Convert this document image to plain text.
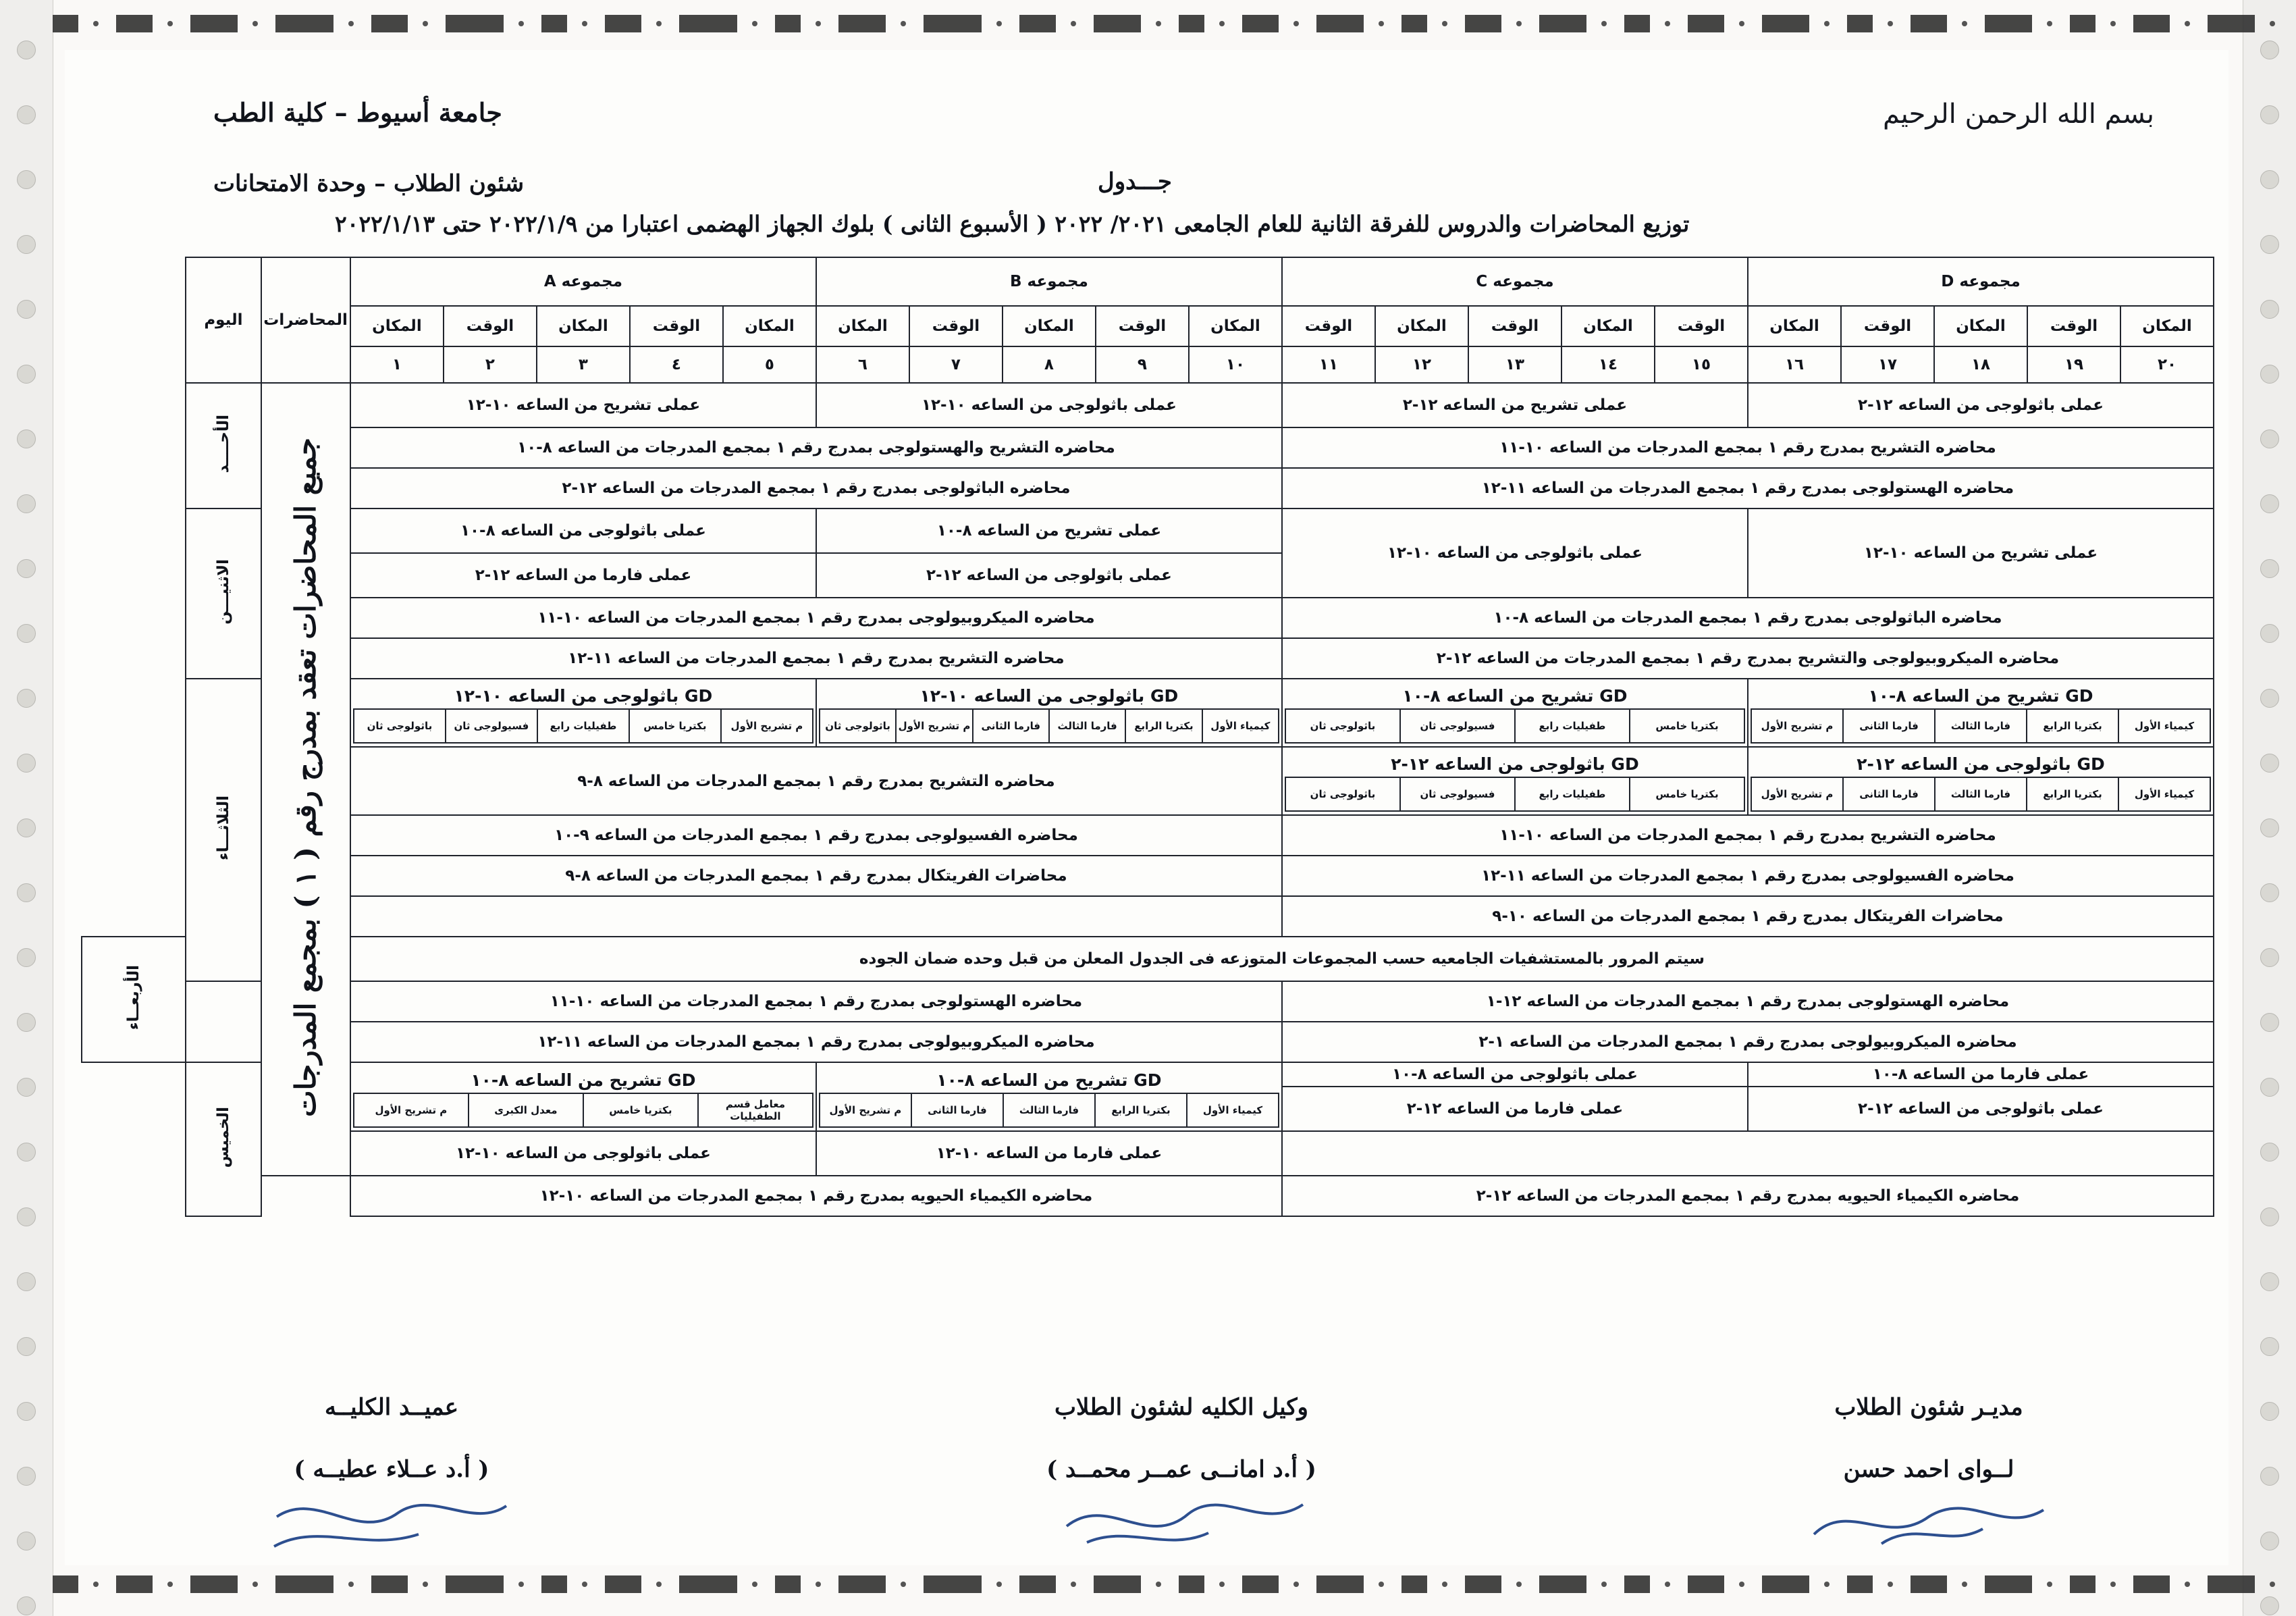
بسم الله الرحمن الرحيم
جامعة أسيوط – كلية الطب
شئون الطلاب – وحدة الامتحانات	جـــدول
توزيع المحاضرات والدروس للفرقة الثانية للعام الجامعى ٢٠٢١/ ٢٠٢٢ ( الأسبوع الثانى ) بلوك الجهاز الهضمى اعتبارا من ٢٠٢٢/١/٩ حتى ٢٠٢٢/١/١٣
مجموعه D	مجموعه C	مجموعه B	مجموعه A	المحاضرات	اليوم
المكان	الوقت	المكان	الوقت	المكان	الوقت	المكان	الوقت	المكان	الوقت	المكان	الوقت	المكان	الوقت	المكان	المكان	الوقت	المكان	الوقت	المكان
٢٠	١٩	١٨	١٧	١٦	١٥	١٤	١٣	١٢	١١	١٠	٩	٨	٧	٦	٥	٤	٣	٢	١
عملى باثولوجى من الساعه ١٢-٢	عملى تشريح من الساعه ١٢-٢	عملى باثولوجى من الساعه ١٠-١٢	عملى تشريح من الساعه ١٠-١٢	جميع المحاضرات تعقد بمدرج رقم ( ١ ) بمجمع المدرجات	الأحــــد
محاضره التشريح بمدرج رقم ١ بمجمع المدرجات من الساعه ١٠-١١	محاضره التشريح والهستولوجى بمدرج رقم ١ بمجمع المدرجات من الساعه ٨-١٠
محاضره الهستولوجى بمدرج رقم ١ بمجمع المدرجات من الساعه ١١-١٢	محاضره الباثولوجى بمدرج رقم ١ بمجمع المدرجات من الساعه ١٢-٢
عملى تشريح من الساعه ١٠-١٢	عملى باثولوجى من الساعه ١٠-١٢	عملى تشريح من الساعه ٨-١٠	عملى باثولوجى من الساعه ٨-١٠	الاثنيـــن
عملى باثولوجى من الساعه ١٢-٢	عملى فارما من الساعه ١٢-٢
محاضره الباثولوجى بمدرج رقم ١ بمجمع المدرجات من الساعه ٨-١٠	محاضره الميكروبيولوجى بمدرج رقم ١ بمجمع المدرجات من الساعه ١٠-١١
محاضره الميكروبيولوجى والتشريح بمدرج رقم ١ بمجمع المدرجات من الساعه ١٢-٢	محاضره التشريح بمدرج رقم ١ بمجمع المدرجات من الساعه ١١-١٢

GD تشريح من الساعه ٨-١٠
كيمياء الأول	بكتريا الرابع	فارما الثالث	فارما الثانى	م تشريح الأول

GD تشريح من الساعه ٨-١٠
بكتريا خامس	طفيليات رابع	فسيولوجى ثان	باثولوجى ثان

GD باثولوجى من الساعه ١٠-١٢
كيمياء الأول	بكتريا الرابع	فارما الثالث	فارما الثانى	م تشريح الأول	باثولوجى ثان

GD باثولوجى من الساعه ١٠-١٢
م تشريح الأول	بكتريا خامس	طفيليات رابع	فسيولوجى ثان	باثولوجى ثان
	الثلاثـــاء

GD باثولوجى من الساعه ١٢-٢
كيمياء الأول	بكتريا الرابع	فارما الثالث	فارما الثانى	م تشريح الأول

GD باثولوجى من الساعه ١٢-٢
بكتريا خامس	طفيليات رابع	فسيولوجى ثان	باثولوجى ثان
	محاضره التشريح بمدرج رقم ١ بمجمع المدرجات من الساعه ٨-٩
محاضره التشريح بمدرج رقم ١ بمجمع المدرجات من الساعه ١٠-١١	محاضره الفسيولوجى بمدرج رقم ١ بمجمع المدرجات من الساعه ٩-١٠
محاضره الفسيولوجى بمدرج رقم ١ بمجمع المدرجات من الساعه ١١-١٢	محاضرات الفريتكال بمدرج رقم ١ بمجمع المدرجات من الساعه ٨-٩
محاضرات الفريتكال بمدرج رقم ١ بمجمع المدرجات من الساعه ١٠-٩	
سيتم المرور بالمستشفيات الجامعيه حسب المجموعات المتوزعه فى الجدول المعلن من قبل وحده ضمان الجوده	الأربعــاء
محاضره الهستولوجى بمدرج رقم ١ بمجمع المدرجات من الساعه ١٢-١	محاضره الهستولوجى بمدرج رقم ١ بمجمع المدرجات من الساعه ١٠-١١
محاضره الميكروبيولوجى بمدرج رقم ١ بمجمع المدرجات من الساعه ١-٢	محاضره الميكروبيولوجى بمدرج رقم ١ بمجمع المدرجات من الساعه ١١-١٢
عملى فارما من الساعه ٨-١٠	عملى باثولوجى من الساعه ٨-١٠	
GD تشريح من الساعه ٨-١٠
كيمياء الأول	بكتريا الرابع	فارما الثالث	فارما الثانى	م تشريح الأول

GD تشريح من الساعه ٨-١٠
معامل قسم الطفيليات	بكتريا خامس	معدل الكبرى	م تشريح الأول
	الخميس
عملى باثولوجى من الساعه ١٢-٢	عملى فارما من الساعه ١٢-٢
	عملى فارما من الساعه ١٠-١٢	عملى باثولوجى من الساعه ١٠-١٢
محاضره الكيمياء الحيويه بمدرج رقم ١ بمجمع المدرجات من الساعه ١٢-٢	محاضره الكيمياء الحيويه بمدرج رقم ١ بمجمع المدرجات من الساعه ١٠-١٢
مديـر شئون الطلاب
لــواى احمد حسن
وكيل الكليه لشئون الطلاب
( أ.د امانــى عمــر محمــد )
عميــد الكليــه
( أ.د عــلاء عطيــه )
